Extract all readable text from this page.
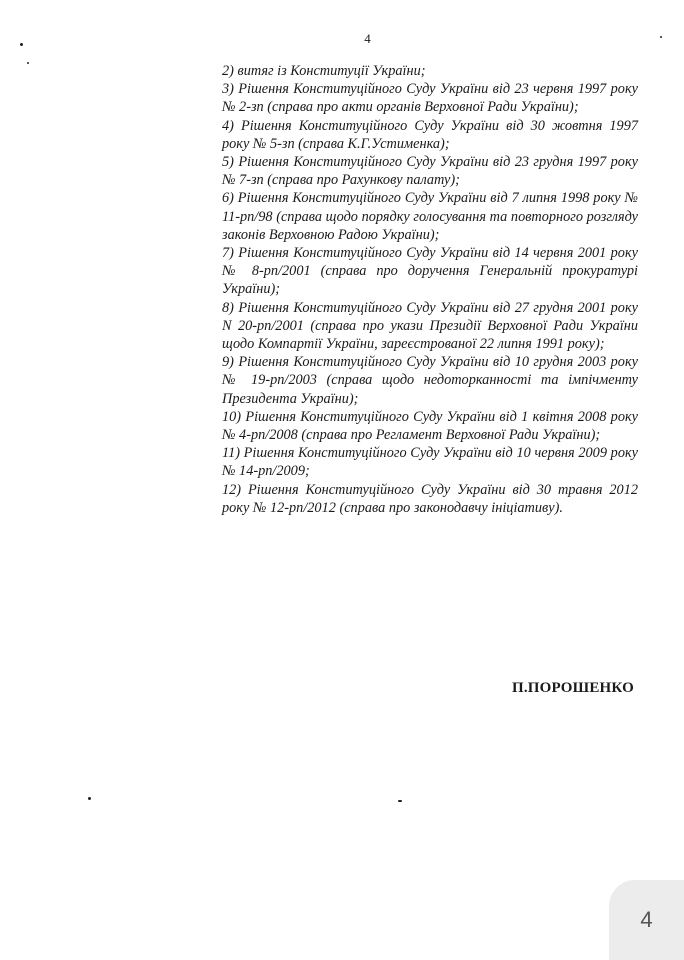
4
2) витяг із Конституції України;
3) Рішення Конституційного Суду України від 23 червня 1997 року № 2-зп (справа про акти органів Верховної Ради України);
4) Рішення Конституційного Суду України від 30 жовтня 1997 року № 5-зп (справа К.Г.Устименка);
5) Рішення Конституційного Суду України від 23 грудня 1997 року № 7-зп (справа про Рахункову палату);
6) Рішення Конституційного Суду України від 7 липня 1998 року № 11-рп/98 (справа щодо порядку голосування та повторного розгляду законів Верховною Радою України);
7) Рішення Конституційного Суду України від 14 червня 2001 року № 8-рп/2001 (справа про доручення Генеральній прокуратурі України);
8) Рішення Конституційного Суду України від 27 грудня 2001 року N 20-рп/2001 (справа про укази Президії Верховної Ради України щодо Компартії України, зареєстрованої 22 липня 1991 року);
9) Рішення Конституційного Суду України від 10 грудня 2003 року № 19-рп/2003 (справа щодо недоторканності та імпічменту Президента України);
10) Рішення Конституційного Суду України від 1 квітня 2008 року № 4-рп/2008 (справа про Регламент Верховної Ради України);
11) Рішення Конституційного Суду України від 10 червня 2009 року № 14-рп/2009;
12) Рішення Конституційного Суду України від 30 травня 2012 року № 12-рп/2012 (справа про законодавчу ініціативу).
П.ПОРОШЕНКО
4
